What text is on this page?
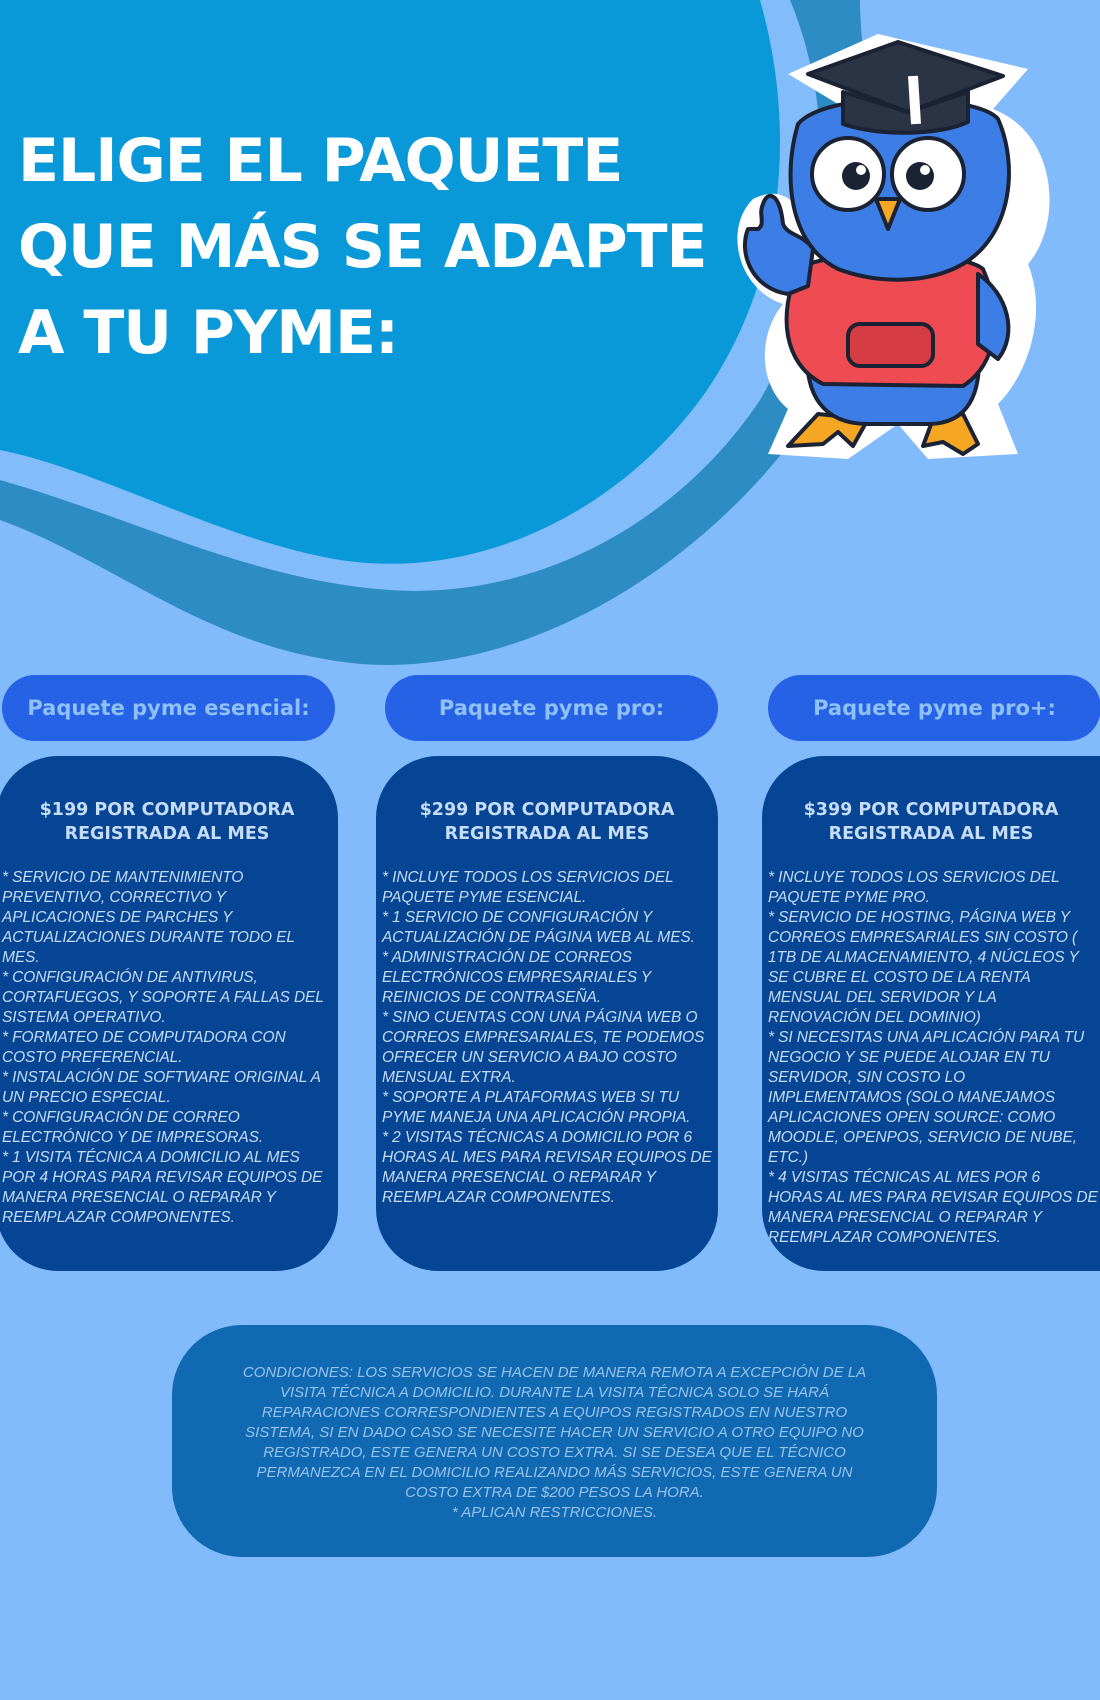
ELIGE EL PAQUETE
QUE MÁS SE ADAPTE
A TU PYME:
Paquete pyme esencial:	Paquete pyme pro:	Paquete pyme pro+:

$199 POR COMPUTADORA
REGISTRADA AL MES

* SERVICIO DE MANTENIMIENTO PREVENTIVO, CORRECTIVO Y APLICACIONES DE PARCHES Y ACTUALIZACIONES DURANTE TODO EL MES.
* CONFIGURACIÓN DE ANTIVIRUS, CORTAFUEGOS, Y SOPORTE A FALLAS DEL SISTEMA OPERATIVO.
* FORMATEO DE COMPUTADORA CON COSTO PREFERENCIAL.
* INSTALACIÓN DE SOFTWARE ORIGINAL A UN PRECIO ESPECIAL.
* CONFIGURACIÓN DE CORREO ELECTRÓNICO Y DE IMPRESORAS.
* 1 VISITA TÉCNICA A DOMICILIO AL MES POR 4 HORAS PARA REVISAR EQUIPOS DE MANERA PRESENCIAL O REPARAR Y REEMPLAZAR COMPONENTES.

$299 POR COMPUTADORA
REGISTRADA AL MES

* INCLUYE TODOS LOS SERVICIOS DEL PAQUETE PYME ESENCIAL.
* 1 SERVICIO DE CONFIGURACIÓN Y ACTUALIZACIÓN DE PÁGINA WEB AL MES.
* ADMINISTRACIÓN DE CORREOS ELECTRÓNICOS EMPRESARIALES Y REINICIOS DE CONTRASEÑA.
* SINO CUENTAS CON UNA PÁGINA WEB O CORREOS EMPRESARIALES, TE PODEMOS OFRECER UN SERVICIO A BAJO COSTO MENSUAL EXTRA.
* SOPORTE A PLATAFORMAS WEB SI TU PYME MANEJA UNA APLICACIÓN PROPIA.
* 2 VISITAS TÉCNICAS A DOMICILIO POR 6 HORAS AL MES PARA REVISAR EQUIPOS DE MANERA PRESENCIAL O REPARAR Y REEMPLAZAR COMPONENTES.

$399 POR COMPUTADORA
REGISTRADA AL MES

* INCLUYE TODOS LOS SERVICIOS DEL PAQUETE PYME PRO.
* SERVICIO DE HOSTING, PÁGINA WEB Y CORREOS EMPRESARIALES SIN COSTO ( 1TB DE ALMACENAMIENTO, 4 NÚCLEOS Y SE CUBRE EL COSTO DE LA RENTA MENSUAL DEL SERVIDOR Y LA RENOVACIÓN DEL DOMINIO)
* SI NECESITAS UNA APLICACIÓN PARA TU NEGOCIO Y SE PUEDE ALOJAR EN TU SERVIDOR, SIN COSTO LO IMPLEMENTAMOS (SOLO MANEJAMOS APLICACIONES OPEN SOURCE: COMO MOODLE, OPENPOS, SERVICIO DE NUBE, ETC.)
* 4 VISITAS TÉCNICAS AL MES POR 6 HORAS AL MES PARA REVISAR EQUIPOS DE MANERA PRESENCIAL O REPARAR Y REEMPLAZAR COMPONENTES.

CONDICIONES: LOS SERVICIOS SE HACEN DE MANERA REMOTA A EXCEPCIÓN DE LA VISITA TÉCNICA A DOMICILIO. DURANTE LA VISITA TÉCNICA SOLO SE HARÁ REPARACIONES CORRESPONDIENTES A EQUIPOS REGISTRADOS EN NUESTRO SISTEMA, SI EN DADO CASO SE NECESITE HACER UN SERVICIO A OTRO EQUIPO NO REGISTRADO, ESTE GENERA UN COSTO EXTRA. SI SE DESEA QUE EL TÉCNICO PERMANEZCA EN EL DOMICILIO REALIZANDO MÁS SERVICIOS, ESTE GENERA UN COSTO EXTRA DE $200 PESOS LA HORA.

* APLICAN RESTRICCIONES.
